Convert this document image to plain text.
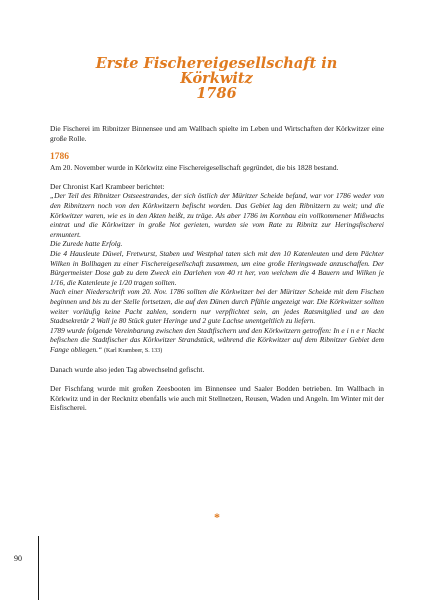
Erste Fischereigesellschaft in
Körkwitz
1786

Die Fischerei im Ribnitzer Binnensee und am Wallbach spielte im Leben und Wirtschaften der Körkwitzer eine große Rolle.

1786

Am 20. November wurde in Körkwitz eine Fischereigesellschaft gegründet, die bis 1828 bestand.

Der Chronist Karl Krambeer berichtet:

„Der Teil des Ribnitzer Ostseestrandes, der sich östlich der Müritzer Scheide befand, war vor 1786 weder von den Ribnitzern noch von den Körkwitzern befischt worden. Das Gebiet lag den Ribnitzern zu weit; und die Körkwitzer waren, wie es in den Akten heißt, zu träge. Als aber 1786 im Kornbau ein vollkommener Mißwachs eintrat und die Körkwitzer in große Not gerieten, wurden sie vom Rate zu Ribnitz zur Heringsfischerei ermuntert.

Die Zurede hatte Erfolg.

Die 4 Hausleute Düwel, Fretwurst, Staben und Westphal taten sich mit den 10 Katenleuten und dem Pächter Wilken in Bollhagen zu einer Fischereigesellschaft zusammen, um eine große Heringswade anzuschaffen. Der Bürgermeister Dose gab zu dem Zweck ein Darlehen von 40 rt her, von welchem die 4 Bauern und Wilken je 1/16, die Katenleute je 1/20 tragen sollten.

Nach einer Niederschrift vom 20. Nov. 1786 sollten die Körkwitzer bei der Müritzer Scheide mit dem Fischen beginnen und bis zu der Stelle fortsetzen, die auf den Dünen durch Pfähle angezeigt war. Die Körkwitzer sollten weiter vorläufig keine Pacht zahlen, sondern nur verpflichtet sein, an jedes Ratsmitglied und an den Stadtsekretär 2 Wall je 80 Stück guter Heringe und 2 gute Lachse unentgeltlich zu liefern.

1789 wurde folgende Vereinbarung zwischen den Stadtfischern und den Körkwitzern getroffen: In e i n e r Nacht befischen die Stadtfischer das Körkwitzer Strandstück, während die Körkwitzer auf dem Ribnitzer Gebiet dem Fange obliegen.“ (Karl Krambeer, S. 133)

Danach wurde also jeden Tag abwechselnd gefischt.

Der Fischfang wurde mit großen Zeesbooten im Binnensee und Saaler Bodden betrieben. Im Wallbach in Körkwitz und in der Recknitz ebenfalls wie auch mit Stellnetzen, Reusen, Waden und Angeln. Im Winter mit der Eisfischerei.

*
90
